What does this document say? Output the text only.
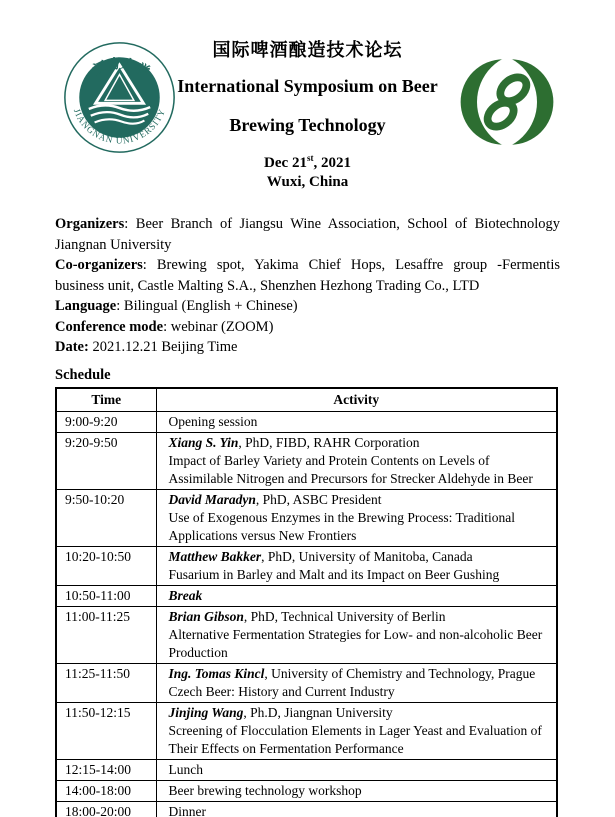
江南大学
JIANGNAN UNIVERSITY
国际啤酒酿造技术论坛
International Symposium on Beer
Brewing Technology
Dec 21st, 2021
Wuxi, China

Organizers: Beer Branch of Jiangsu Wine Association, School of Biotechnology Jiangnan University

Co-organizers: Brewing spot, Yakima Chief Hops, Lesaffre group -Fermentis business unit, Castle Malting S.A., Shenzhen Hezhong Trading Co., LTD

Language: Bilingual (English + Chinese)

Conference mode: webinar (ZOOM)

Date: 2021.12.21 Beijing Time

Schedule
Time	Activity
9:00-9:20	Opening session

9:20-9:50	Xiang S. Yin, PhD, FIBD, RAHR Corporation
Impact of Barley Variety and Protein Contents on Levels of Assimilable Nitrogen and Precursors for Strecker Aldehyde in Beer

9:50-10:20	David Maradyn, PhD, ASBC President
Use of Exogenous Enzymes in the Brewing Process: Traditional Applications versus New Frontiers

10:20-10:50	Matthew Bakker, PhD, University of Manitoba, Canada
Fusarium in Barley and Malt and its Impact on Beer Gushing

10:50-11:00	Break

11:00-11:25	Brian Gibson, PhD, Technical University of Berlin
Alternative Fermentation Strategies for Low- and non-alcoholic Beer Production

11:25-11:50	Ing. Tomas Kincl, University of Chemistry and Technology, Prague
Czech Beer: History and Current Industry

11:50-12:15	Jinjing Wang, Ph.D, Jiangnan University
Screening of Flocculation Elements in Lager Yeast and Evaluation of Their Effects on Fermentation Performance

12:15-14:00	Lunch

14:00-18:00	Beer brewing technology workshop

18:00-20:00	Dinner
